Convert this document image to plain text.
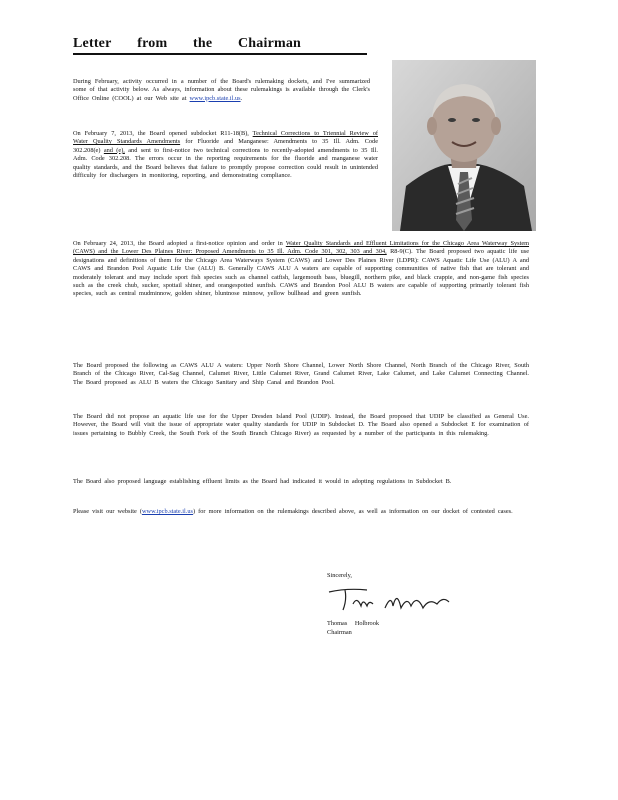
Letter from the Chairman
During February, activity occurred in a number of the Board's rulemaking dockets, and I've summarized some of that activity below. As always, information about these rulemakings is available through the Clerk's Office Online (COOL) at our Web site at www.ipcb.state.il.us.
On February 7, 2013, the Board opened subdocket R11-18(B), Technical Corrections to Triennial Review of Water Quality Standards Amendments for Fluoride and Manganese: Amendments to 35 Ill. Adm. Code 302.208(e) and (e), and sent to first-notice two technical corrections to recently-adopted amendments to 35 Ill. Adm. Code 302.208. The errors occur in the reporting requirements for the fluoride and manganese water quality standards, and the Board believes that failure to promptly propose correction could result in unintended difficulty for dischargers in monitoring, reporting, and demonstrating compliance.
On February 24, 2013, the Board adopted a first-notice opinion and order in Water Quality Standards and Effluent Limitations for the Chicago Area Waterway System (CAWS) and the Lower Des Plaines River: Proposed Amendments to 35 Ill. Adm. Code 301, 302, 303 and 304, R8-9(C). The Board proposed two aquatic life use designations and definitions of them for the Chicago Area Waterways System (CAWS) and Lower Des Plaines River (LDPR): CAWS Aquatic Life Use (ALU) A and CAWS and Brandon Pool Aquatic Life Use (ALU) B. Generally CAWS ALU A waters are capable of supporting communities of native fish that are tolerant and moderately tolerant and may include sport fish species such as channel catfish, largemouth bass, bluegill, northern pike, and black crappie, and non-game fish species such as the creek chub, sucker, spottail shiner, and orangespotted sunfish. CAWS and Brandon Pool ALU B waters are capable of supporting primarily tolerant fish species, such as central mudminnow, golden shiner, bluntnose minnow, yellow bullhead and green sunfish.
The Board proposed the following as CAWS ALU A waters: Upper North Shore Channel, Lower North Shore Channel, North Branch of the Chicago River, South Branch of the Chicago River, Cal-Sag Channel, Calumet River, Little Calumet River, Grand Calumet River, Lake Calumet, and Lake Calumet Connecting Channel. The Board proposed as ALU B waters the Chicago Sanitary and Ship Canal and Brandon Pool.
The Board did not propose an aquatic life use for the Upper Dresden Island Pool (UDIP). Instead, the Board proposed that UDIP be classified as General Use. However, the Board will visit the issue of appropriate water quality standards for UDIP in Subdocket D. The Board also opened a Subdocket E for examination of issues pertaining to Bubbly Creek, the South Fork of the South Branch Chicago River) as requested by a number of the participants in this rulemaking.
The Board also proposed language establishing effluent limits as the Board had indicated it would in adopting regulations in Subdocket B.
Please visit our website (www.ipcb.state.il.us) for more information on the rulemakings described above, as well as information on our docket of contested cases.
Sincerely,
Thomas Holbrook
Chairman
